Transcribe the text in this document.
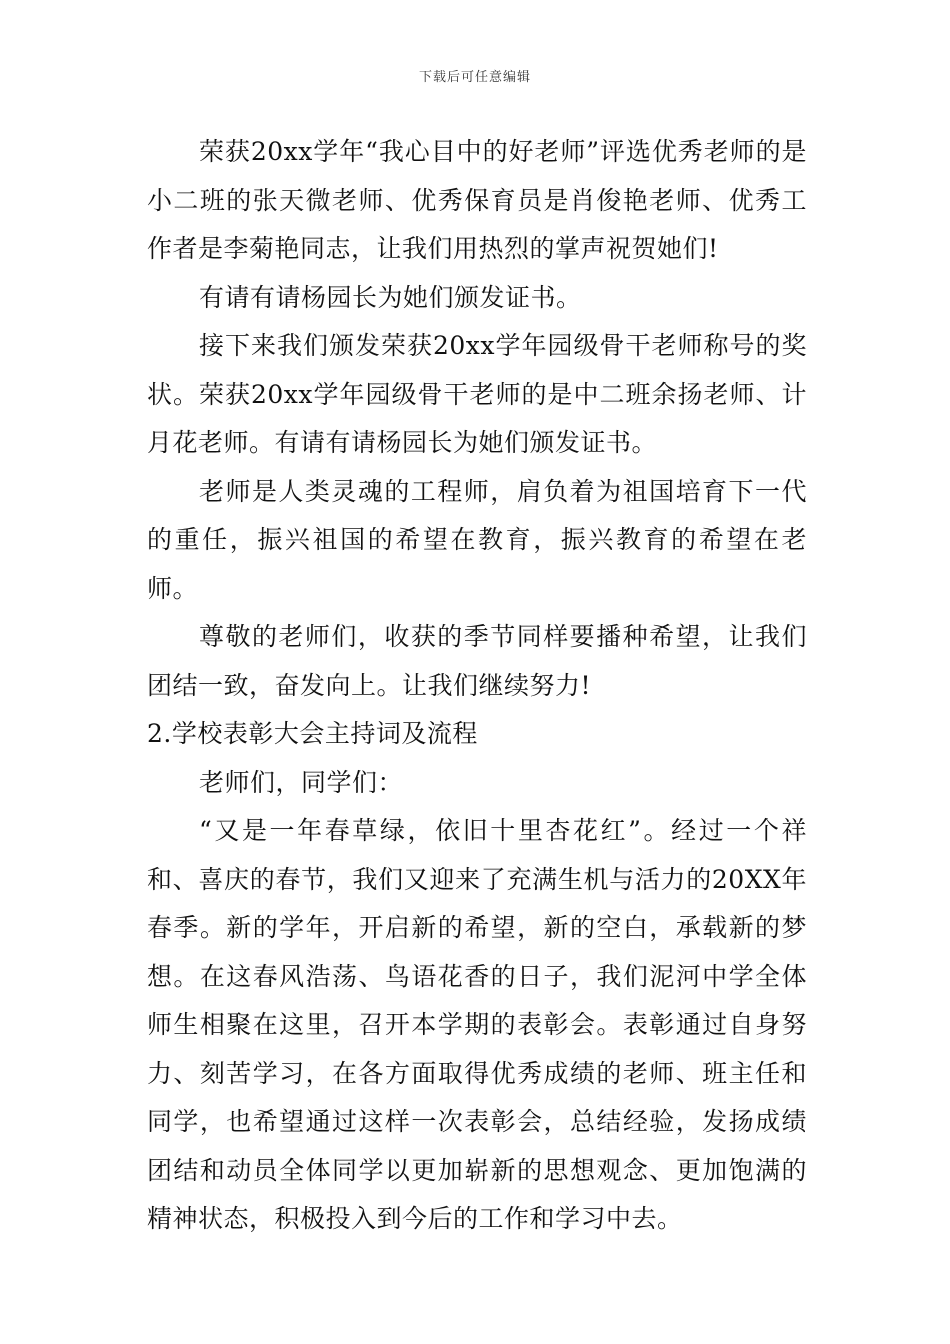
下载后可任意编辑

荣获20xx学年“我心目中的好老师”评选优秀老师的是小二班的张天微老师、优秀保育员是肖俊艳老师、优秀工作者是李菊艳同志，让我们用热烈的掌声祝贺她们!

有请有请杨园长为她们颁发证书。

接下来我们颁发荣获20xx学年园级骨干老师称号的奖状。荣获20xx学年园级骨干老师的是中二班余扬老师、计月花老师。有请有请杨园长为她们颁发证书。

老师是人类灵魂的工程师，肩负着为祖国培育下一代的重任，振兴祖国的希望在教育，振兴教育的希望在老师。

尊敬的老师们，收获的季节同样要播种希望，让我们团结一致，奋发向上。让我们继续努力!

2.学校表彰大会主持词及流程

老师们，同学们：

“又是一年春草绿，依旧十里杏花红”。经过一个祥和、喜庆的春节，我们又迎来了充满生机与活力的20XX年春季。新的学年，开启新的希望，新的空白，承载新的梦想。在这春风浩荡、鸟语花香的日子，我们泥河中学全体师生相聚在这里，召开本学期的表彰会。表彰通过自身努力、刻苦学习，在各方面取得优秀成绩的老师、班主任和同学，也希望通过这样一次表彰会，总结经验，发扬成绩团结和动员全体同学以更加崭新的思想观念、更加饱满的精神状态，积极投入到今后的工作和学习中去。
